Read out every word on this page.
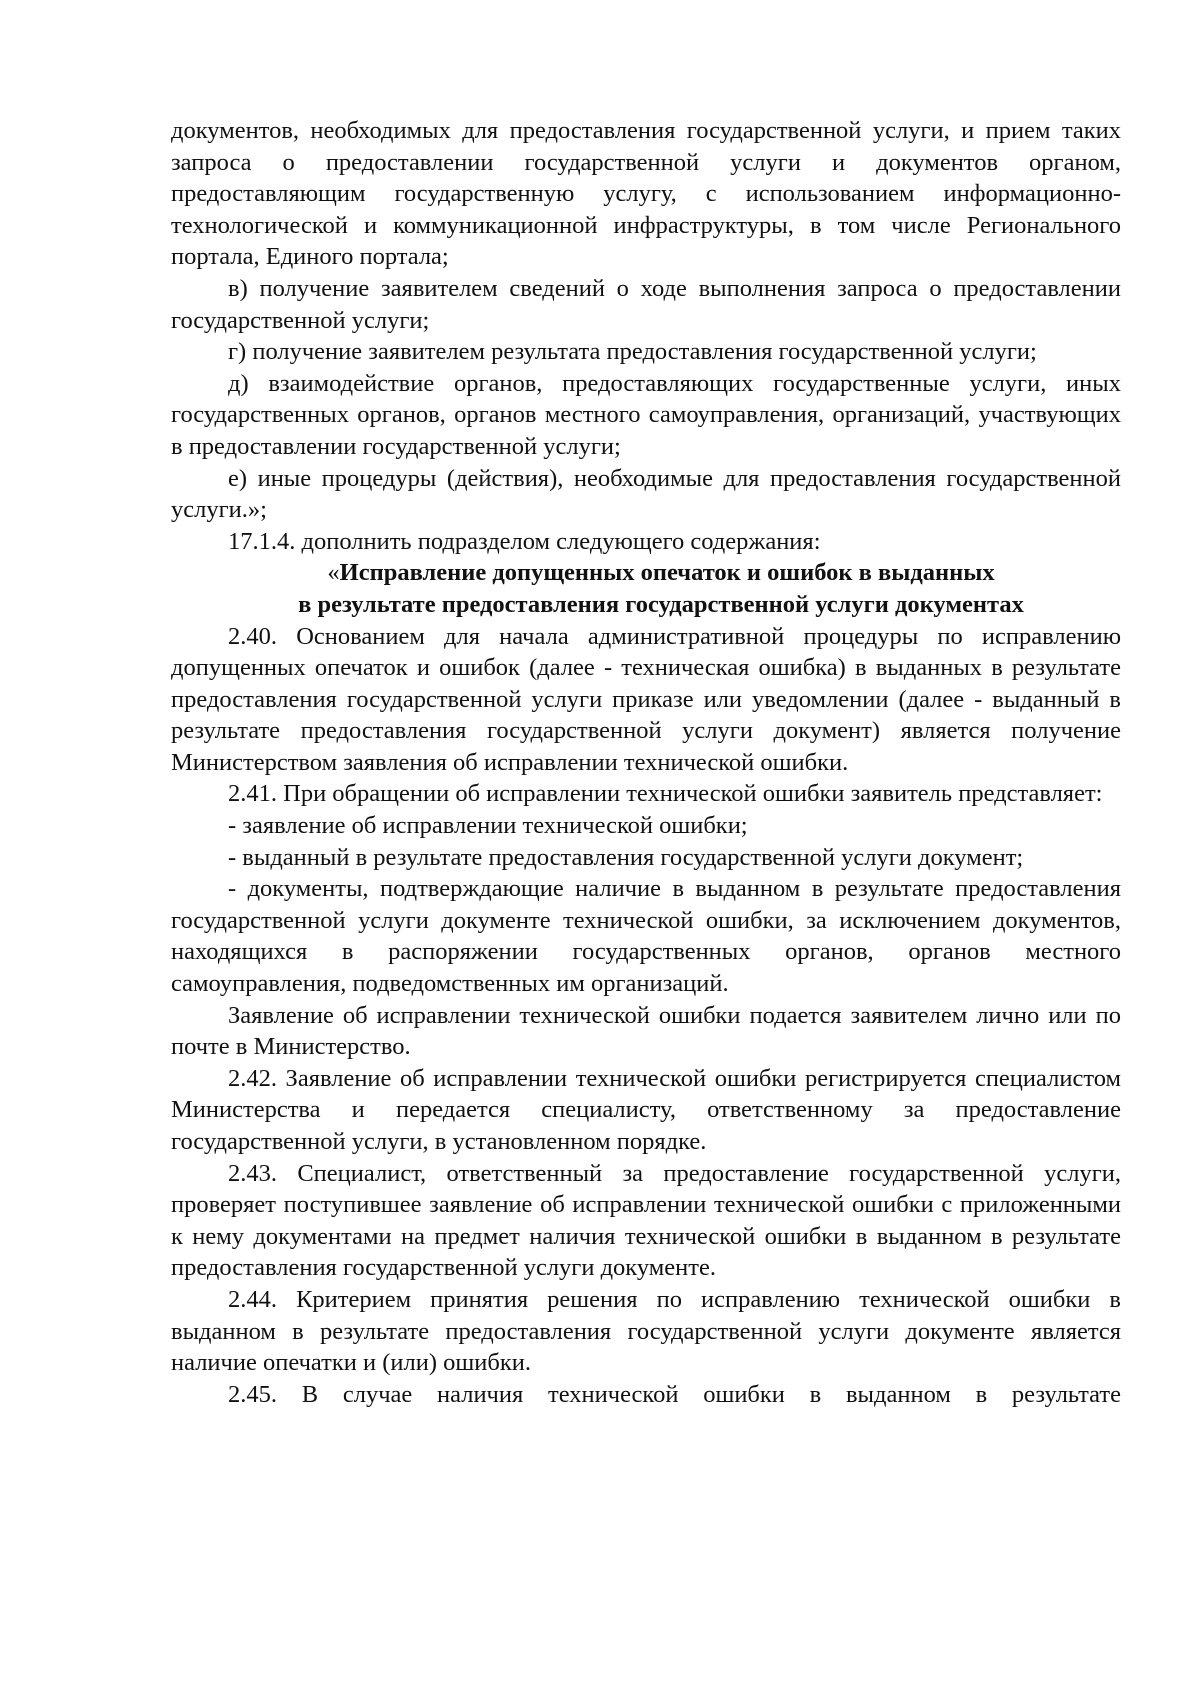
документов, необходимых для предоставления государственной услуги, и прием таких запроса о предоставлении государственной услуги и документов органом, предоставляющим государственную услугу, с использованием информационно-технологической и коммуникационной инфраструктуры, в том числе Регионального портала, Единого портала;

в) получение заявителем сведений о ходе выполнения запроса о предоставлении государственной услуги;

г) получение заявителем результата предоставления государственной услуги;

д) взаимодействие органов, предоставляющих государственные услуги, иных государственных органов, органов местного самоуправления, организаций, участвующих в предоставлении государственной услуги;

е) иные процедуры (действия), необходимые для предоставления государственной услуги.»;

17.1.4. дополнить подразделом следующего содержания:

«Исправление допущенных опечаток и ошибок в выданных
в результате предоставления государственной услуги документах

2.40. Основанием для начала административной процедуры по исправлению допущенных опечаток и ошибок (далее - техническая ошибка) в выданных в результате предоставления государственной услуги приказе или уведомлении (далее - выданный в результате предоставления государственной услуги документ) является получение Министерством заявления об исправлении технической ошибки.

2.41. При обращении об исправлении технической ошибки заявитель представляет:

- заявление об исправлении технической ошибки;

- выданный в результате предоставления государственной услуги документ;

- документы, подтверждающие наличие в выданном в результате предоставления государственной услуги документе технической ошибки, за исключением документов, находящихся в распоряжении государственных органов, органов местного самоуправления, подведомственных им организаций.

Заявление об исправлении технической ошибки подается заявителем лично или по почте в Министерство.

2.42. Заявление об исправлении технической ошибки регистрируется специалистом Министерства и передается специалисту, ответственному за предоставление государственной услуги, в установленном порядке.

2.43. Специалист, ответственный за предоставление государственной услуги, проверяет поступившее заявление об исправлении технической ошибки с приложенными к нему документами на предмет наличия технической ошибки в выданном в результате предоставления государственной услуги документе.

2.44. Критерием принятия решения по исправлению технической ошибки в выданном в результате предоставления государственной услуги документе является наличие опечатки и (или) ошибки.

2.45. В случае наличия технической ошибки в выданном в результате
